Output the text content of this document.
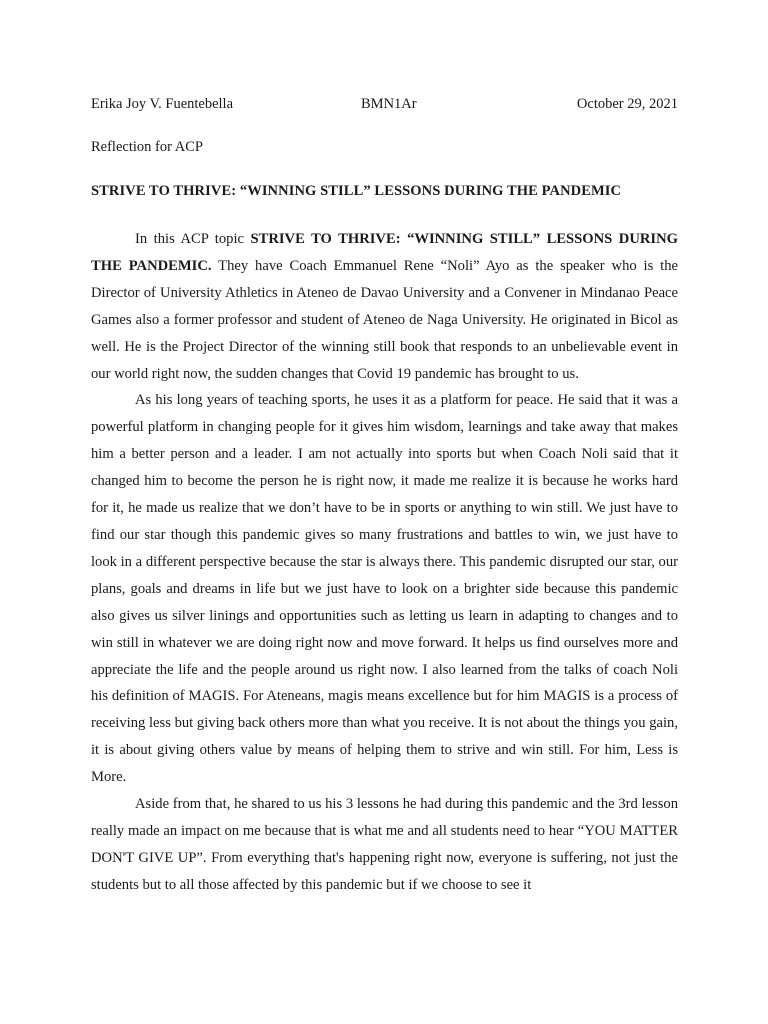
Erika Joy V. Fuentebella	BMN1Ar	October 29, 2021
Reflection for ACP
STRIVE TO THRIVE: “WINNING STILL” LESSONS DURING THE PANDEMIC

In this ACP topic STRIVE TO THRIVE: “WINNING STILL” LESSONS DURING THE PANDEMIC. They have Coach Emmanuel Rene “Noli” Ayo as the speaker who is the Director of University Athletics in Ateneo de Davao University and a Convener in Mindanao Peace Games also a former professor and student of Ateneo de Naga University. He originated in Bicol as well. He is the Project Director of the winning still book that responds to an unbelievable event in our world right now, the sudden changes that Covid 19 pandemic has brought to us.

As his long years of teaching sports, he uses it as a platform for peace. He said that it was a powerful platform in changing people for it gives him wisdom, learnings and take away that makes him a better person and a leader. I am not actually into sports but when Coach Noli said that it changed him to become the person he is right now, it made me realize it is because he works hard for it, he made us realize that we don’t have to be in sports or anything to win still. We just have to find our star though this pandemic gives so many frustrations and battles to win, we just have to look in a different perspective because the star is always there. This pandemic disrupted our star, our plans, goals and dreams in life but we just have to look on a brighter side because this pandemic also gives us silver linings and opportunities such as letting us learn in adapting to changes and to win still in whatever we are doing right now and move forward. It helps us find ourselves more and appreciate the life and the people around us right now. I also learned from the talks of coach Noli his definition of MAGIS. For Ateneans, magis means excellence but for him MAGIS is a process of receiving less but giving back others more than what you receive. It is not about the things you gain, it is about giving others value by means of helping them to strive and win still. For him, Less is More.

Aside from that, he shared to us his 3 lessons he had during this pandemic and the 3rd lesson really made an impact on me because that is what me and all students need to hear “YOU MATTER DON'T GIVE UP”. From everything that's happening right now, everyone is suffering, not just the students but to all those affected by this pandemic but if we choose to see it
